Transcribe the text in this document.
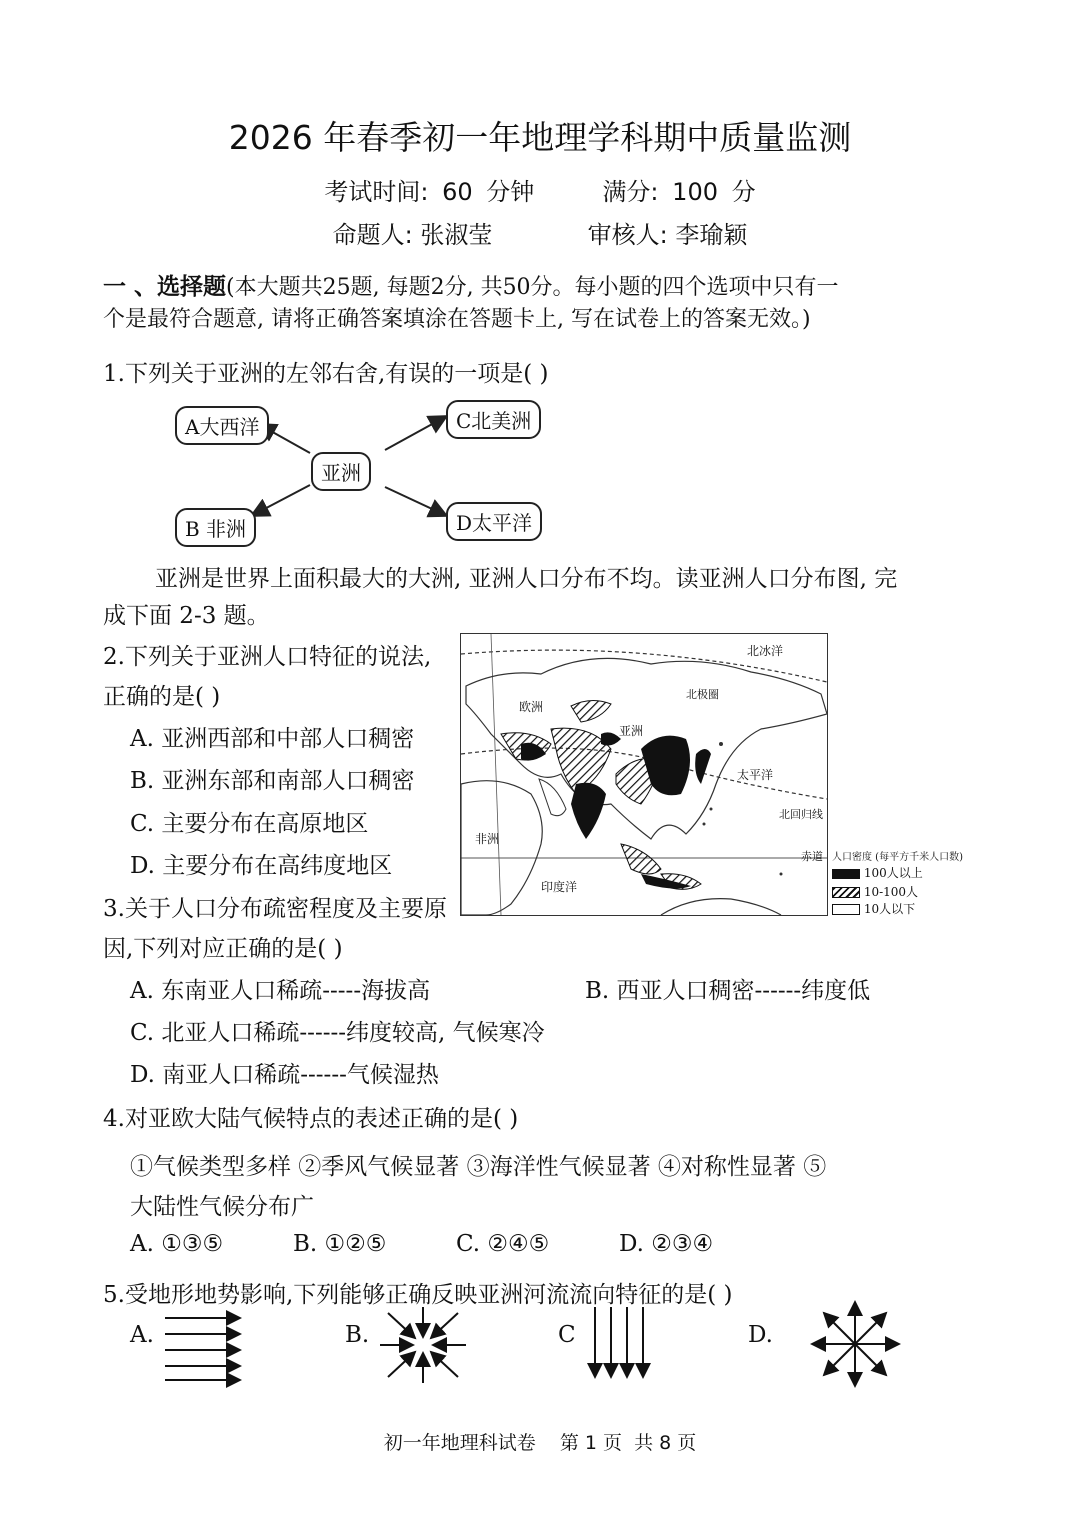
2026 年春季初一年地理学科期中质量监测
考试时间: 60 分钟	满分: 100 分
命题人: 张淑莹	审核人: 李瑜颖
一 、选择题(本大题共25题, 每题2分, 共50分。每小题的四个选项中只有一
个是最符合题意, 请将正确答案填涂在答题卡上, 写在试卷上的答案无效。)
1.下列关于亚洲的左邻右舍,有误的一项是( )
亚洲
A大西洋	C北美洲
B 非洲	D太平洋
亚洲是世界上面积最大的大洲, 亚洲人口分布不均。读亚洲人口分布图, 完
成下面 2-3 题。
2.下列关于亚洲人口特征的说法,
正确的是( )
A. 亚洲西部和中部人口稠密
B. 亚洲东部和南部人口稠密
C. 主要分布在高原地区
D. 主要分布在高纬度地区
北冰洋
北极圈
欧洲
亚洲
太平洋
北回归线
非洲
赤道
印度洋
人口密度 (每平方千米人口数)
100人以上
10-100人
10人以下
3.关于人口分布疏密程度及主要原
因,下列对应正确的是( )
A. 东南亚人口稀疏-----海拔高	B. 西亚人口稠密------纬度低
C. 北亚人口稀疏------纬度较高, 气候寒冷
D. 南亚人口稀疏------气候湿热
4.对亚欧大陆气候特点的表述正确的是( )
①气候类型多样 ②季风气候显著 ③海洋性气候显著 ④对称性显著 ⑤
大陆性气候分布广
A. ①③⑤	B. ①②⑤	C. ②④⑤	D. ②③④
5.受地形地势影响,下列能够正确反映亚洲河流流向特征的是( )
A.	B.	C	D.
初一年地理科试卷    第 1 页  共 8 页
